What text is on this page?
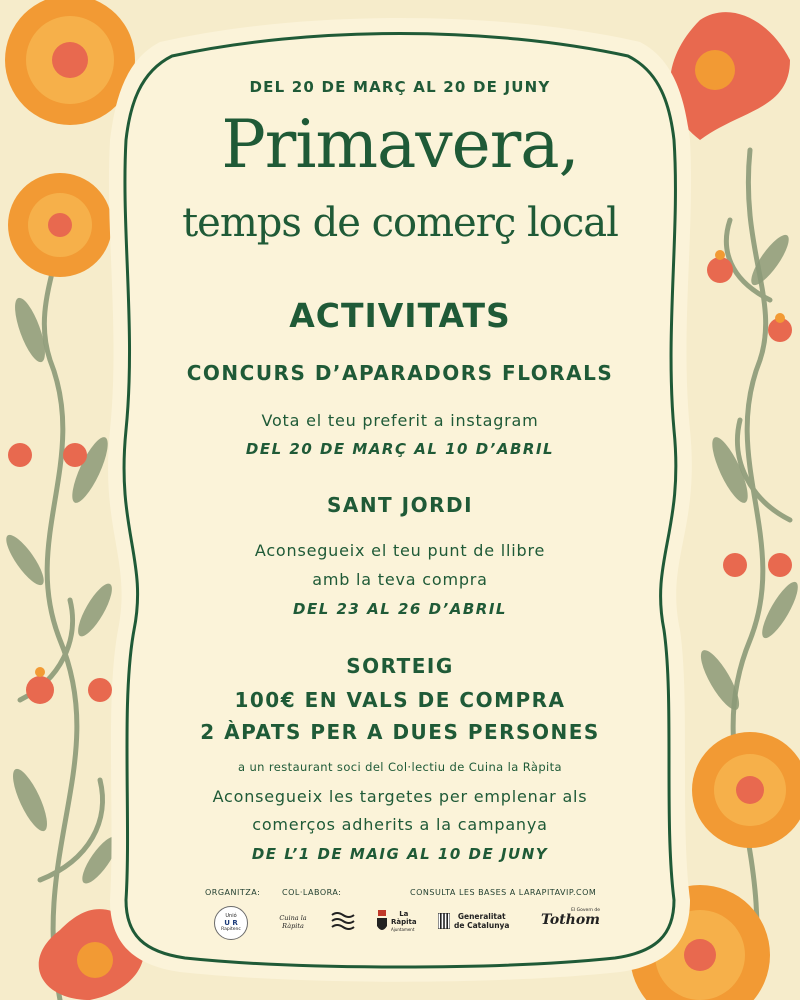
DEL 20 DE MARÇ AL 20 DE JUNY
Primavera,
temps de comerç local
ACTIVITATS
CONCURS D’APARADORS FLORALS
Vota el teu preferit a instagram
DEL 20 DE MARÇ AL 10 D’ABRIL
SANT JORDI
Aconsegueix el teu punt de llibre
amb la teva compra
DEL 23 AL 26 D’ABRIL
SORTEIG
100€ EN VALS DE COMPRA
2 ÀPATS PER A DUES PERSONES
a un restaurant soci del Col·lectiu de Cuina la Ràpita
Aconsegueix les targetes per emplenar als
comerços adherits a la campanya
DE L’1 DE MAIG AL 10 DE JUNY
ORGANITZA:	COL·LABORA:	CONSULTA LES BASES A LARAPITAVIP.COM
Unió
U R
Rapitenc
Cuina la Ràpita
La
Ràpita
Ajuntament
Generalitat
de Catalunya
El Govern de
Tothom
